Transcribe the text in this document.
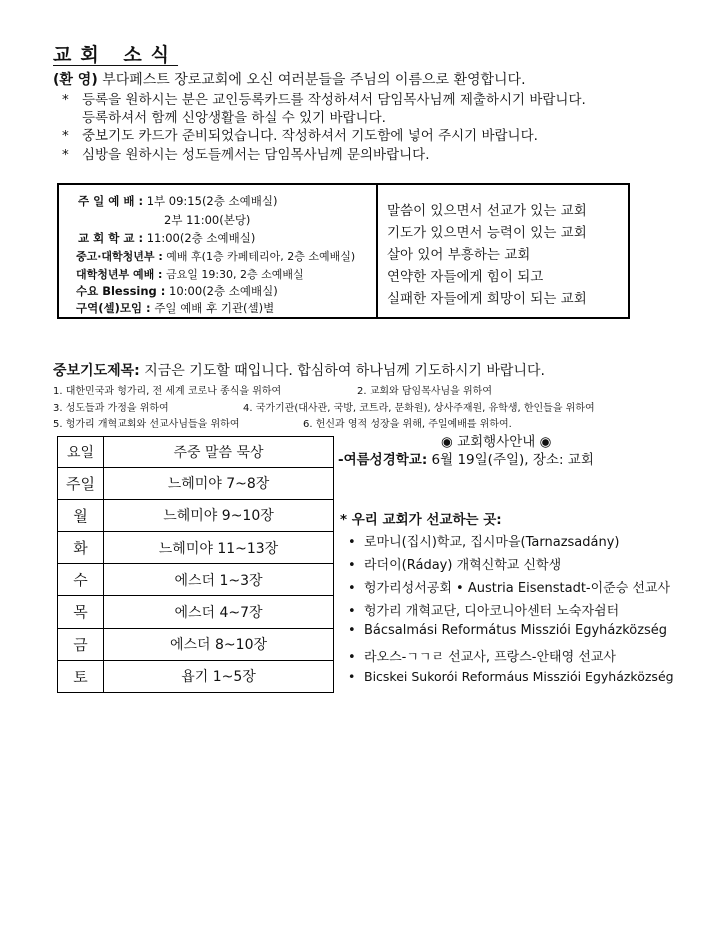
교회 소식
(환 영) 부다페스트 장로교회에 오신 여러분들을 주님의 이름으로 환영합니다.
* 등록을 원하시는 분은 교인등록카드를 작성하셔서 담임목사님께 제출하시기 바랍니다.
등록하셔서 함께 신앙생활을 하실 수 있기 바랍니다.
* 중보기도 카드가 준비되었습니다. 작성하셔서 기도함에 넣어 주시기 바랍니다.
* 심방을 원하시는 성도들께서는 담임목사님께 문의바랍니다.
주 일 예 배 : 1부 09:15(2층 소예배실)
2부 11:00(본당)
교 회 학 교 : 11:00(2층 소예배실)
중고·대학청년부 : 예배 후(1층 카페테리아, 2층 소예배실)
대학청년부 예배 : 금요일 19:30, 2층 소예배실
수요 Blessing : 10:00(2층 소예배실)
구역(셀)모임 : 주일 예배 후 기관(셀)별
말씀이 있으면서 선교가 있는 교회
기도가 있으면서 능력이 있는 교회
살아 있어 부흥하는 교회
연약한 자들에게 힘이 되고
실패한 자들에게 희망이 되는 교회
중보기도제목: 지금은 기도할 때입니다. 합심하여 하나님께 기도하시기 바랍니다.
1. 대한민국과 헝가리, 전 세계 코로나 종식을 위하여	2. 교회와 담임목사님을 위하여
3. 성도들과 가정을 위하여	4. 국가기관(대사관, 국방, 코트라, 문화원), 상사주재원, 유학생, 한인들을 위하여
5. 헝가리 개혁교회와 선교사님들을 위하여	6. 헌신과 영적 성장을 위해, 주일예배를 위하여.
요일	주중 말씀 묵상
주일	느헤미야 7~8장
월	느헤미야 9~10장
화	느헤미야 11~13장
수	에스더 1~3장
목	에스더 4~7장
금	에스더 8~10장
토	욥기 1~5장
◉ 교회행사안내 ◉
-여름성경학교: 6월 19일(주일), 장소: 교회
* 우리 교회가 선교하는 곳:
• 로마니(집시)학교, 집시마을(Tarnazsadány)
• 라더이(Ráday) 개혁신학교 신학생
• 헝가리성서공회 • Austria Eisenstadt-이준승 선교사
• 헝가리 개혁교단, 디아코니아센터 노숙자쉼터
• Bácsalmási Református Missziói Egyházközség
• 라오스-ㄱㄱㄹ 선교사, 프랑스-안태영 선교사
• Bicskei Sukorói Reformáus Missziói Egyházközség
